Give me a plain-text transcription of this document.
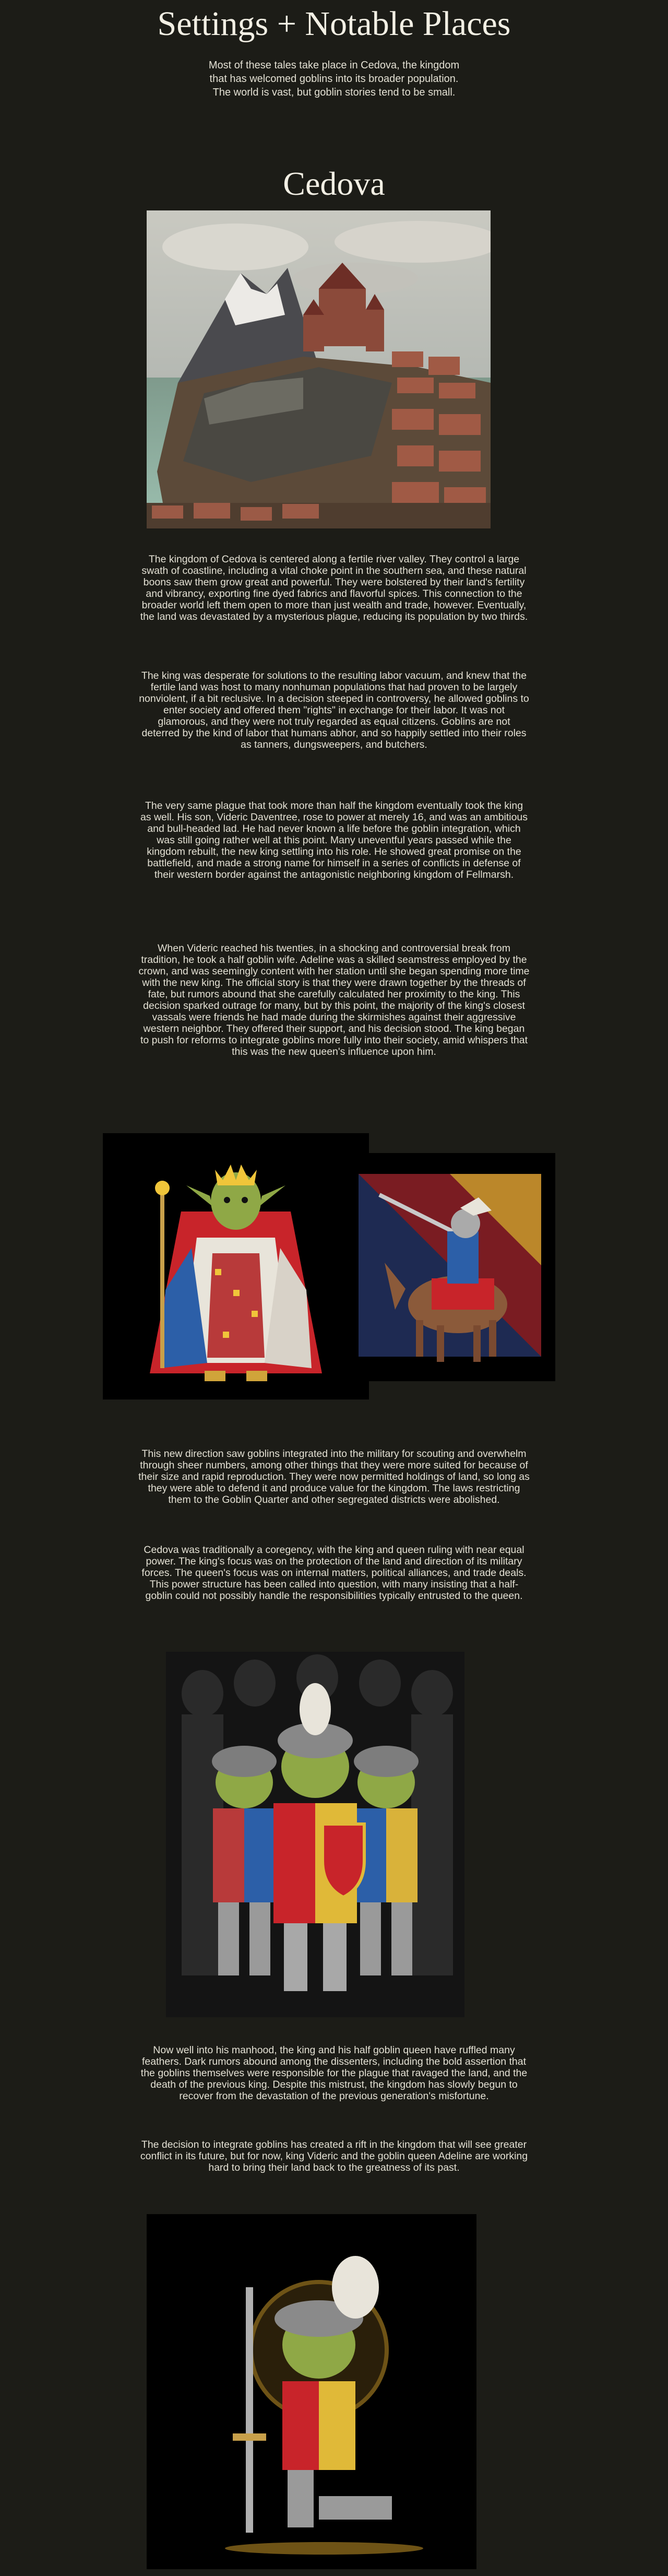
Settings + Notable Places

Most of these tales take place in Cedova, the kingdom that has welcomed goblins into its broader population. The world is vast, but goblin stories tend to be small.

Cedova

The kingdom of Cedova is centered along a fertile river valley. They control a large swath of coastline, including a vital choke point in the southern sea, and these natural boons saw them grow great and powerful. They were bolstered by their land's fertility and vibrancy, exporting fine dyed fabrics and flavorful spices. This connection to the broader world left them open to more than just wealth and trade, however. Eventually, the land was devastated by a mysterious plague, reducing its population by two thirds.

The king was desperate for solutions to the resulting labor vacuum, and knew that the fertile land was host to many nonhuman populations that had proven to be largely nonviolent, if a bit reclusive. In a decision steeped in controversy, he allowed goblins to enter society and offered them "rights" in exchange for their labor. It was not glamorous, and they were not truly regarded as equal citizens. Goblins are not deterred by the kind of labor that humans abhor, and so happily settled into their roles as tanners, dungsweepers, and butchers.

The very same plague that took more than half the kingdom eventually took the king as well. His son, Videric Daventree, rose to power at merely 16, and was an ambitious and bull-headed lad. He had never known a life before the goblin integration, which was still going rather well at this point. Many uneventful years passed while the kingdom rebuilt, the new king settling into his role. He showed great promise on the battlefield, and made a strong name for himself in a series of conflicts in defense of their western border against the antagonistic neighboring kingdom of Fellmarsh.

When Videric reached his twenties, in a shocking and controversial break from tradition, he took a half goblin wife. Adeline was a skilled seamstress employed by the crown, and was seemingly content with her station until she began spending more time with the new king. The official story is that they were drawn together by the threads of fate, but rumors abound that she carefully calculated her proximity to the king. This decision sparked outrage for many, but by this point, the majority of the king's closest vassals were friends he had made during the skirmishes against their aggressive western neighbor. They offered their support, and his decision stood. The king began to push for reforms to integrate goblins more fully into their society, amid whispers that this was the new queen's influence upon him.

This new direction saw goblins integrated into the military for scouting and overwhelm through sheer numbers, among other things that they were more suited for because of their size and rapid reproduction. They were now permitted holdings of land, so long as they were able to defend it and produce value for the kingdom. The laws restricting them to the Goblin Quarter and other segregated districts were abolished.

Cedova was traditionally a coregency, with the king and queen ruling with near equal power. The king's focus was on the protection of the land and direction of its military forces. The queen's focus was on internal matters, political alliances, and trade deals. This power structure has been called into question, with many insisting that a half-goblin could not possibly handle the responsibilities typically entrusted to the queen.

Now well into his manhood, the king and his half goblin queen have ruffled many feathers. Dark rumors abound among the dissenters, including the bold assertion that the goblins themselves were responsible for the plague that ravaged the land, and the death of the previous king. Despite this mistrust, the kingdom has slowly begun to recover from the devastation of the previous generation's misfortune.

The decision to integrate goblins has created a rift in the kingdom that will see greater conflict in its future, but for now, king Videric and the goblin queen Adeline are working hard to bring their land back to the greatness of its past.
